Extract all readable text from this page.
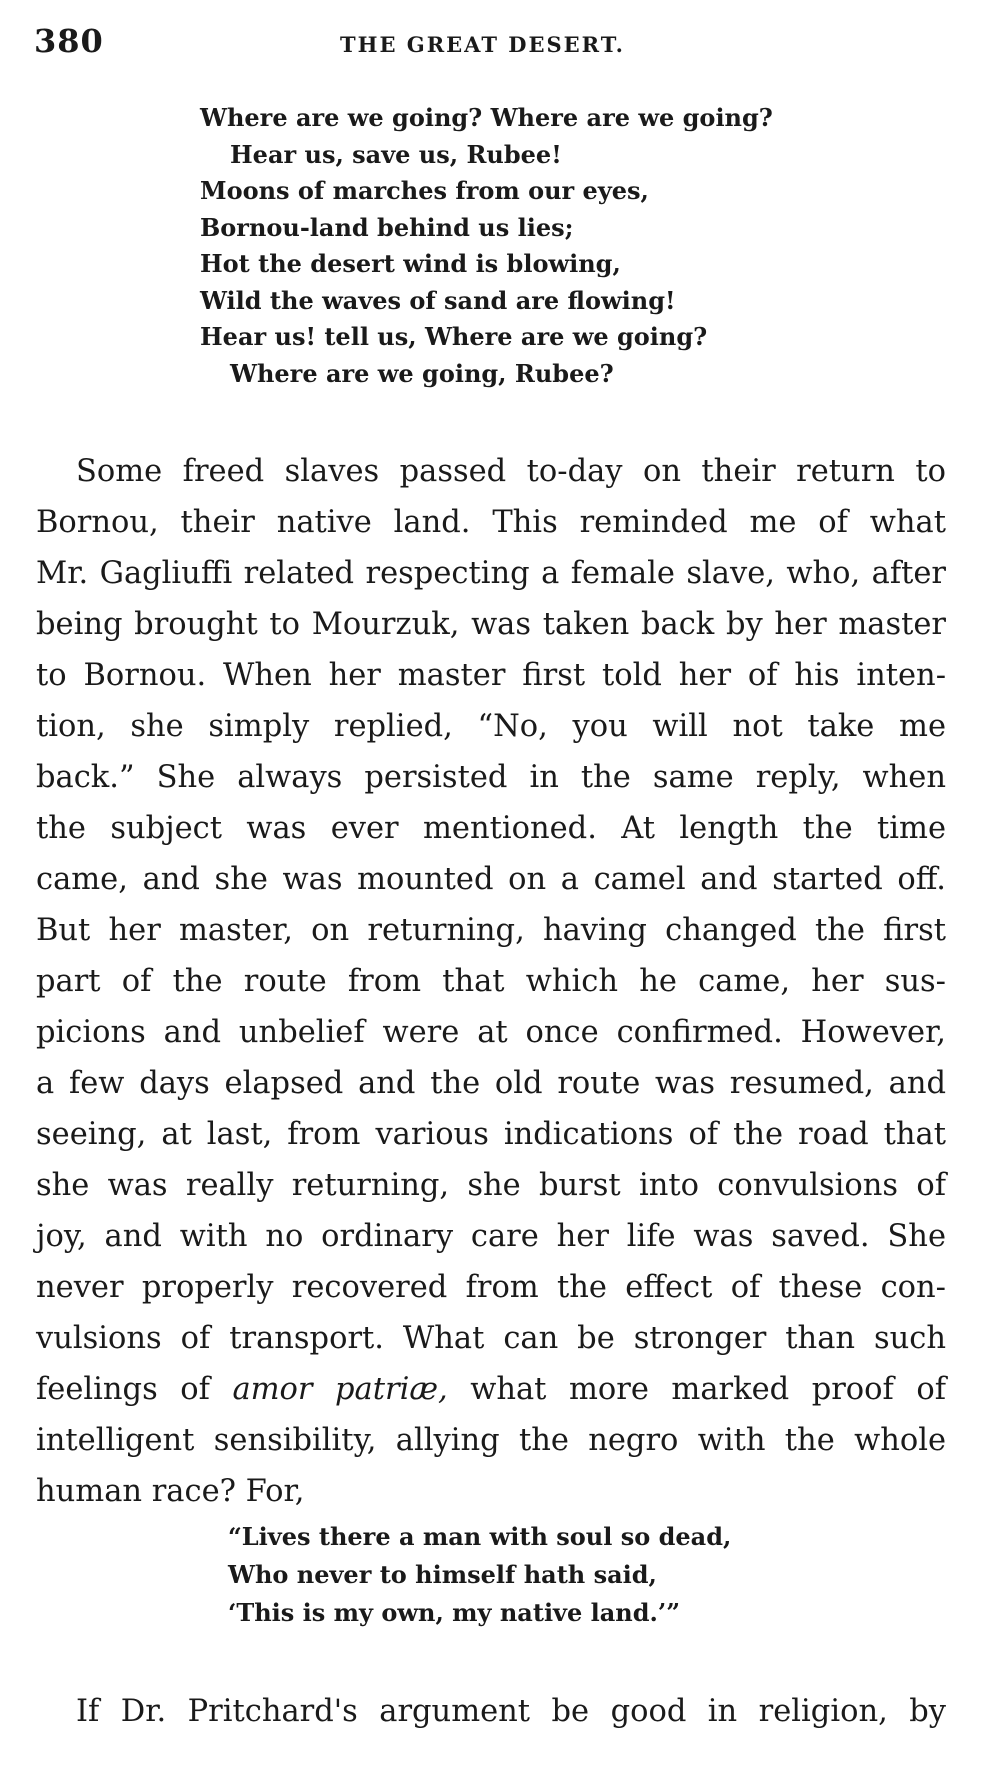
380	THE GREAT DESERT.
Where are we going? Where are we going?
Hear us, save us, Rubee!
Moons of marches from our eyes,
Bornou-land behind us lies;
Hot the desert wind is blowing,
Wild the waves of sand are flowing!
Hear us! tell us, Where are we going?
Where are we going, Rubee?
Some freed slaves passed to-day on their return to
Bornou, their native land. This reminded me of what
Mr. Gagliuffi related respecting a female slave, who, after
being brought to Mourzuk, was taken back by her master
to Bornou. When her master first told her of his inten-
tion, she simply replied, “No, you will not take me
back.” She always persisted in the same reply, when
the subject was ever mentioned. At length the time
came, and she was mounted on a camel and started off.
But her master, on returning, having changed the first
part of the route from that which he came, her sus-
picions and unbelief were at once confirmed. However,
a few days elapsed and the old route was resumed, and
seeing, at last, from various indications of the road that
she was really returning, she burst into convulsions of
joy, and with no ordinary care her life was saved. She
never properly recovered from the effect of these con-
vulsions of transport. What can be stronger than such
feelings of amor patriæ, what more marked proof of
intelligent sensibility, allying the negro with the whole
human race? For,
“Lives there a man with soul so dead,
Who never to himself hath said,
‘This is my own, my native land.’”
If Dr. Pritchard's argument be good in religion, by
